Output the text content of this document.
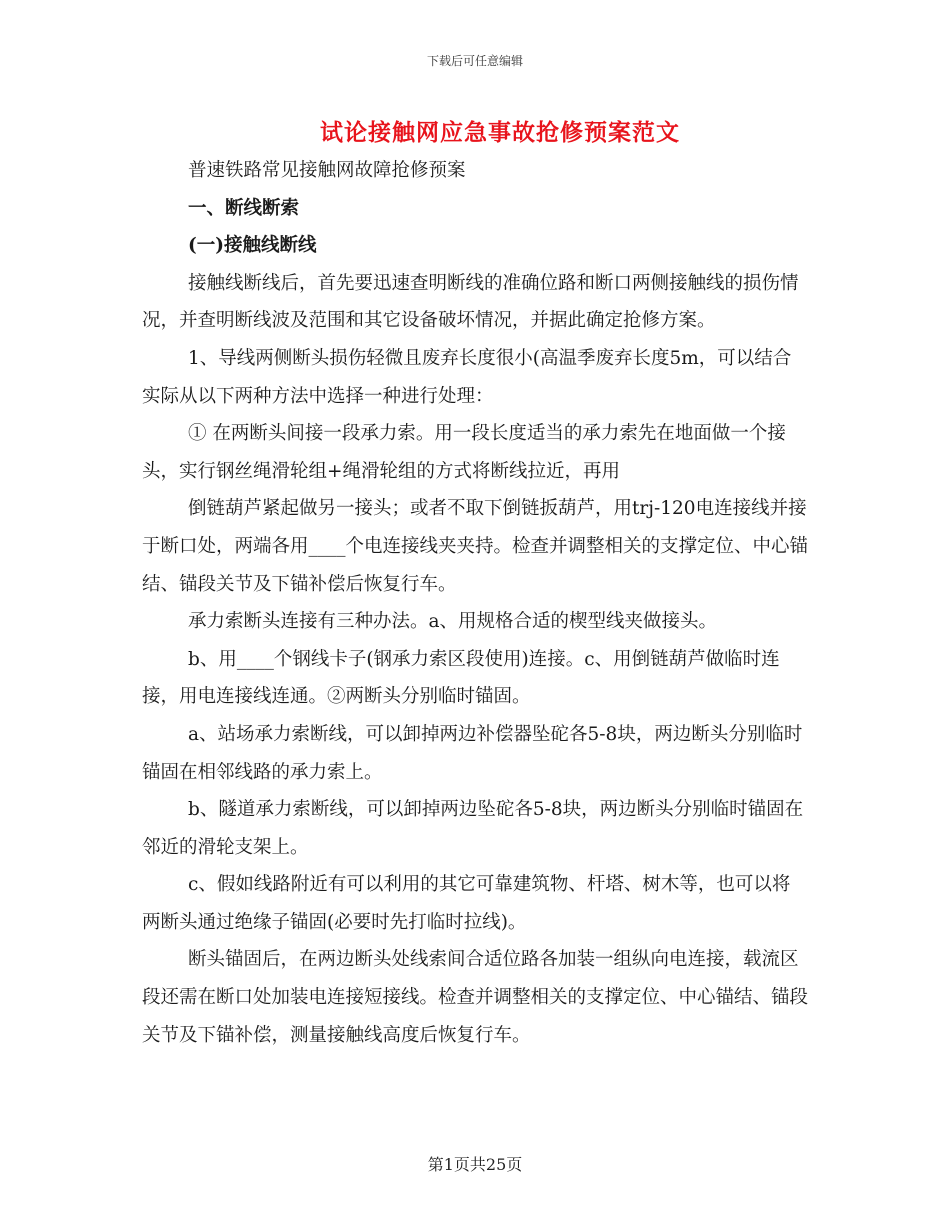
下载后可任意编辑
试论接触网应急事故抢修预案范文

普速铁路常见接触网故障抢修预案

一、断线断索

(一)接触线断线

接触线断线后，首先要迅速查明断线的准确位路和断口两侧接触线的损伤情况，并查明断线波及范围和其它设备破坏情况，并据此确定抢修方案。

1、导线两侧断头损伤轻微且废弃长度很小(高温季废弃长度5m，可以结合实际从以下两种方法中选择一种进行处理：

① 在两断头间接一段承力索。用一段长度适当的承力索先在地面做一个接头，实行钢丝绳滑轮组+绳滑轮组的方式将断线拉近，再用

倒链葫芦紧起做另一接头；或者不取下倒链扳葫芦，用trj-120电连接线并接于断口处，两端各用____个电连接线夹夹持。检查并调整相关的支撑定位、中心锚结、锚段关节及下锚补偿后恢复行车。

承力索断头连接有三种办法。a、用规格合适的楔型线夹做接头。

b、用____个钢线卡子(钢承力索区段使用)连接。c、用倒链葫芦做临时连接，用电连接线连通。②两断头分别临时锚固。

a、站场承力索断线，可以卸掉两边补偿器坠砣各5-8块，两边断头分别临时锚固在相邻线路的承力索上。

b、隧道承力索断线，可以卸掉两边坠砣各5-8块，两边断头分别临时锚固在邻近的滑轮支架上。

c、假如线路附近有可以利用的其它可靠建筑物、杆塔、树木等，也可以将两断头通过绝缘子锚固(必要时先打临时拉线)。

断头锚固后，在两边断头处线索间合适位路各加装一组纵向电连接，载流区段还需在断口处加装电连接短接线。检查并调整相关的支撑定位、中心锚结、锚段关节及下锚补偿，测量接触线高度后恢复行车。

第1页共25页
